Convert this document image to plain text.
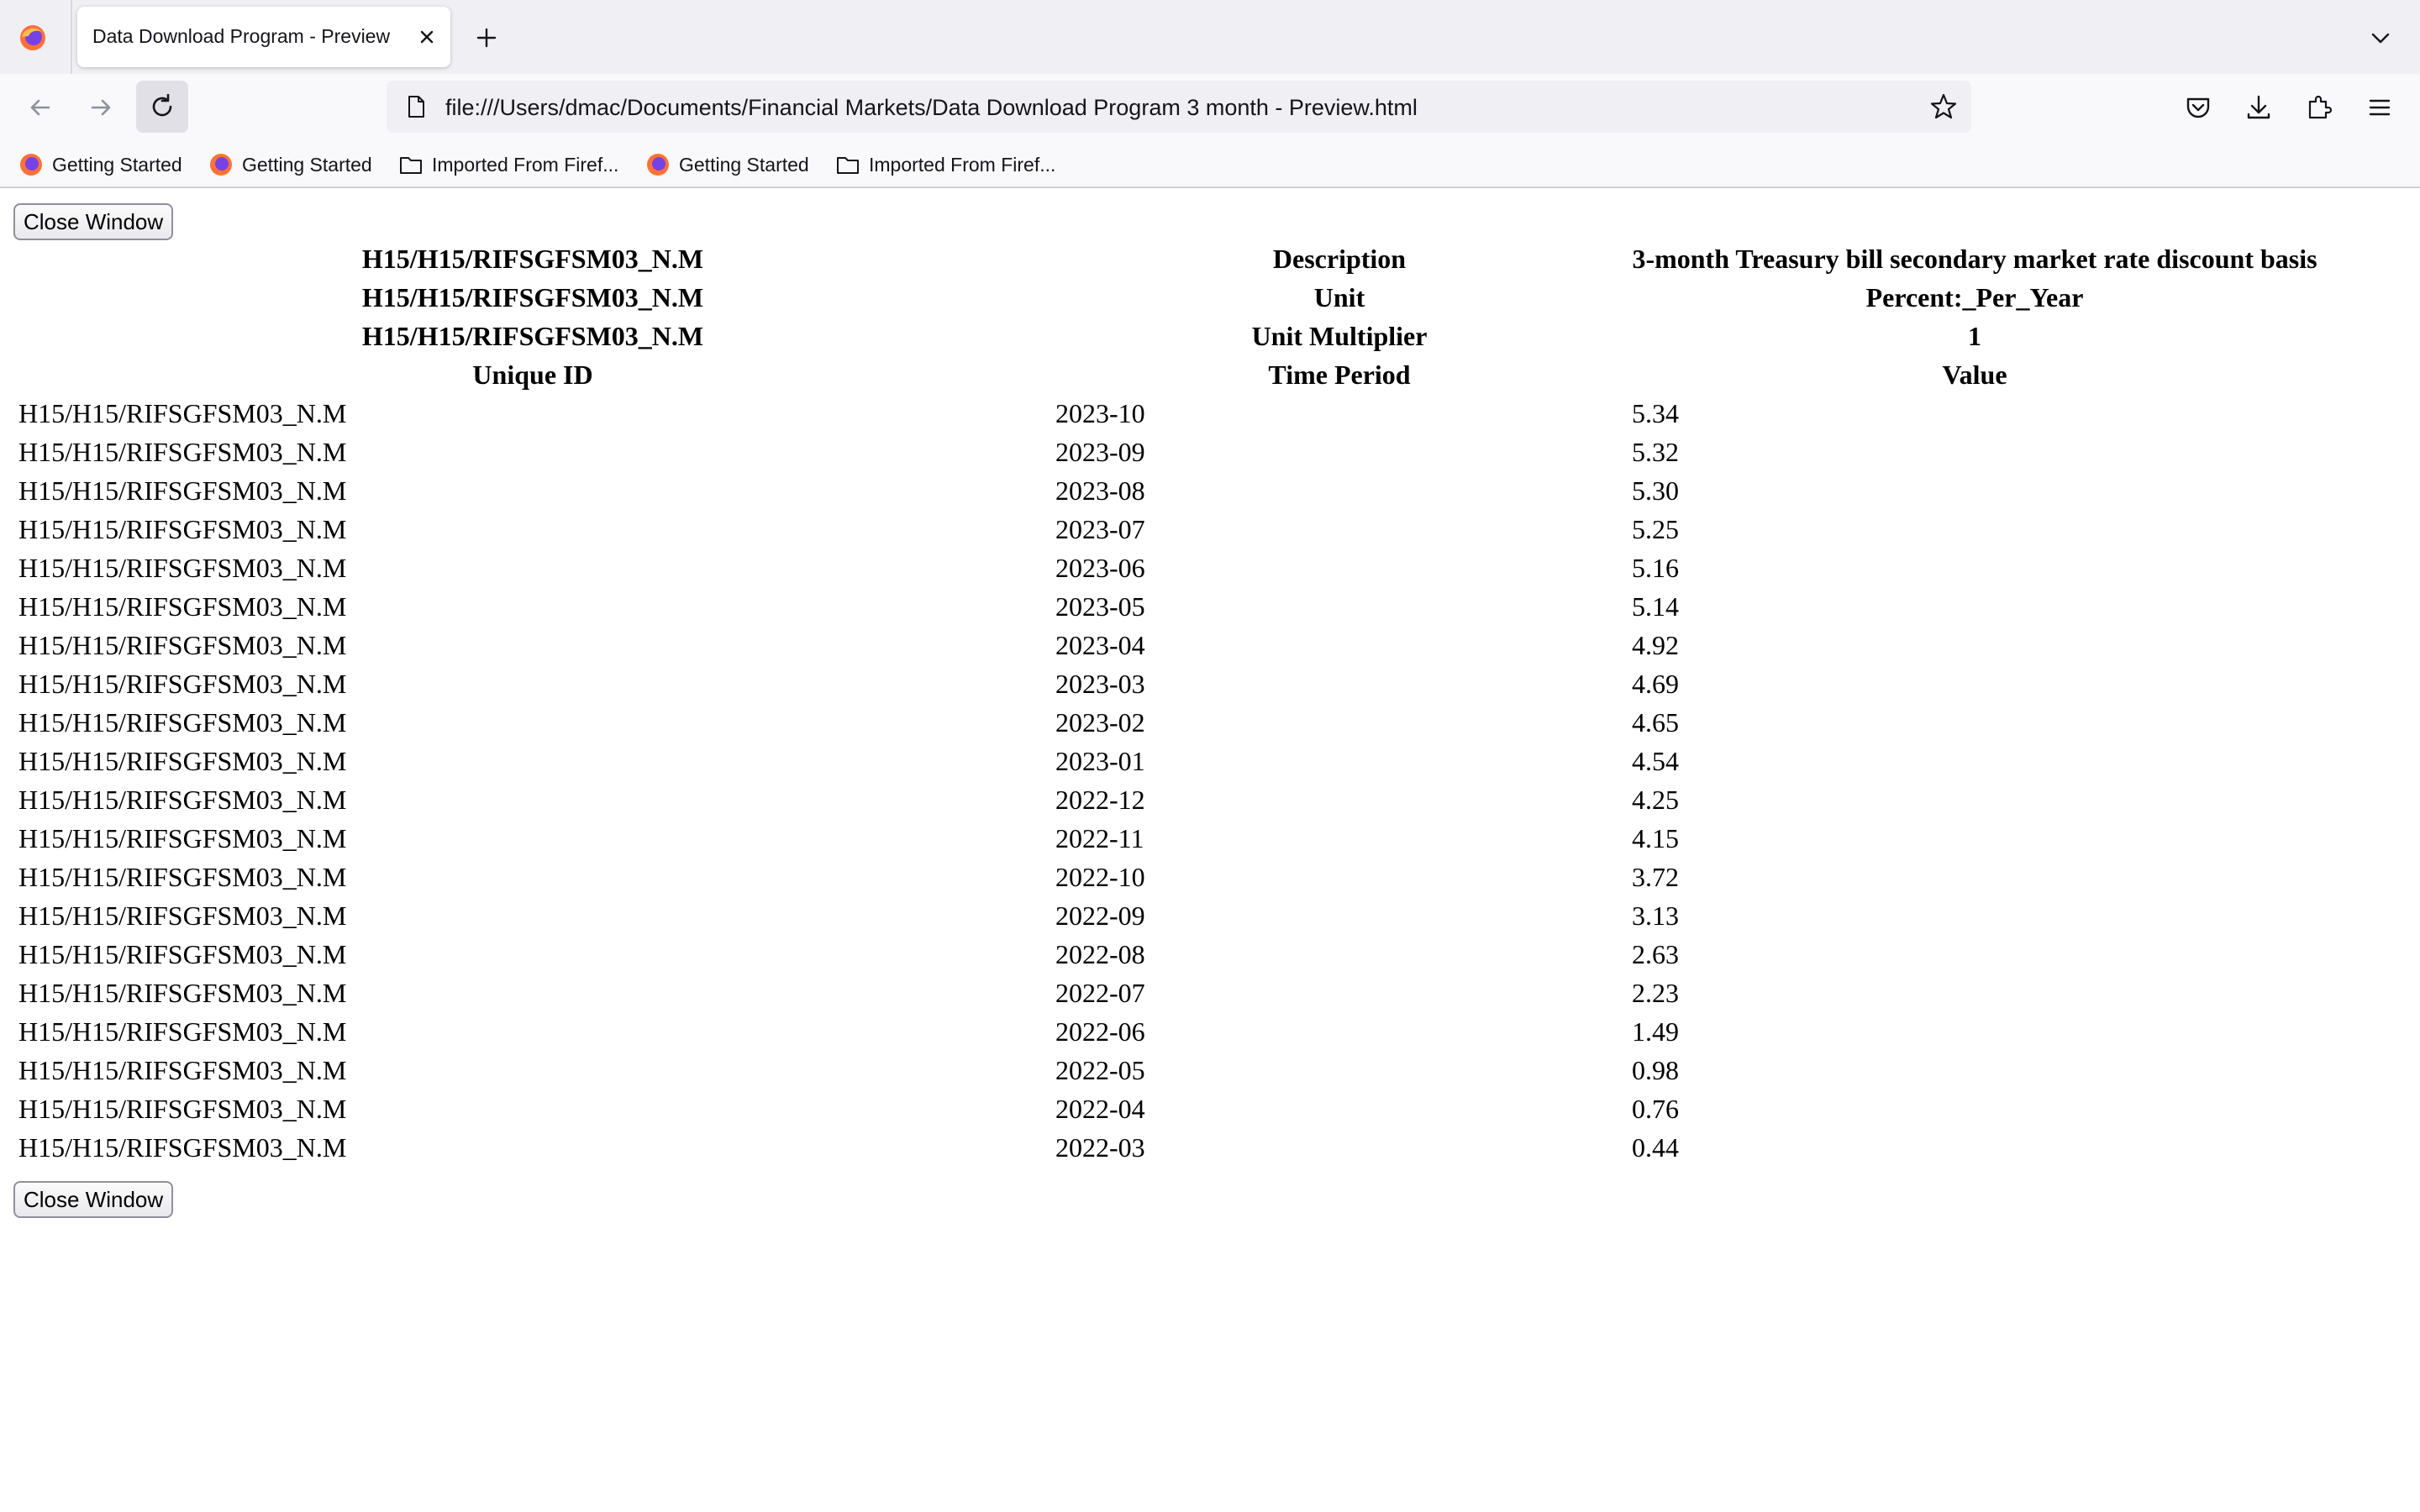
Data Download Program - Preview
file:///Users/dmac/Documents/Financial Markets/Data Download Program 3 month - Preview.html
Getting Started	Getting Started	Imported From Firef...	Getting Started	Imported From Firef...
Close Window
H15/H15/RIFSGFSM03_N.M	Description	3-month Treasury bill secondary market rate discount basis
H15/H15/RIFSGFSM03_N.M	Unit	Percent:_Per_Year
H15/H15/RIFSGFSM03_N.M	Unit Multiplier	1
Unique ID	Time Period	Value
H15/H15/RIFSGFSM03_N.M	2023-10	5.34
H15/H15/RIFSGFSM03_N.M	2023-09	5.32
H15/H15/RIFSGFSM03_N.M	2023-08	5.30
H15/H15/RIFSGFSM03_N.M	2023-07	5.25
H15/H15/RIFSGFSM03_N.M	2023-06	5.16
H15/H15/RIFSGFSM03_N.M	2023-05	5.14
H15/H15/RIFSGFSM03_N.M	2023-04	4.92
H15/H15/RIFSGFSM03_N.M	2023-03	4.69
H15/H15/RIFSGFSM03_N.M	2023-02	4.65
H15/H15/RIFSGFSM03_N.M	2023-01	4.54
H15/H15/RIFSGFSM03_N.M	2022-12	4.25
H15/H15/RIFSGFSM03_N.M	2022-11	4.15
H15/H15/RIFSGFSM03_N.M	2022-10	3.72
H15/H15/RIFSGFSM03_N.M	2022-09	3.13
H15/H15/RIFSGFSM03_N.M	2022-08	2.63
H15/H15/RIFSGFSM03_N.M	2022-07	2.23
H15/H15/RIFSGFSM03_N.M	2022-06	1.49
H15/H15/RIFSGFSM03_N.M	2022-05	0.98
H15/H15/RIFSGFSM03_N.M	2022-04	0.76
H15/H15/RIFSGFSM03_N.M	2022-03	0.44
Close Window
